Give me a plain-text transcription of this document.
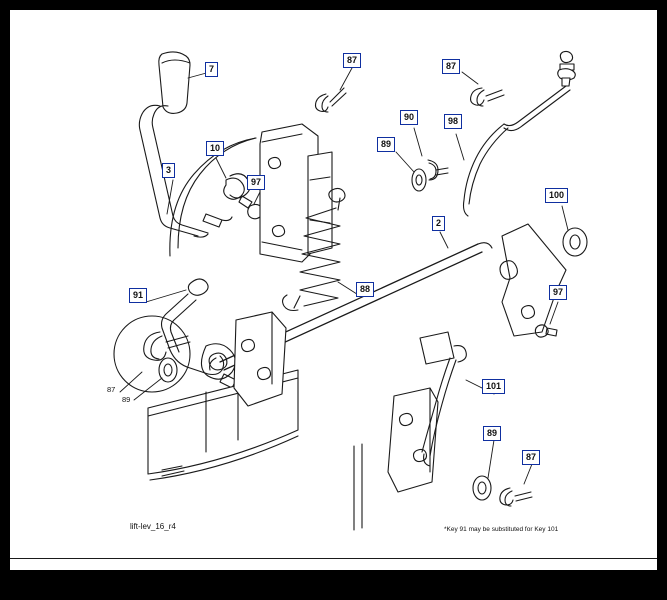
7
87
87
90	98
89
10
3
97
100
2
88	97
91
101
89
87
87
89
lift-lev_16_r4	*Key 91 may be substituted for Key 101
